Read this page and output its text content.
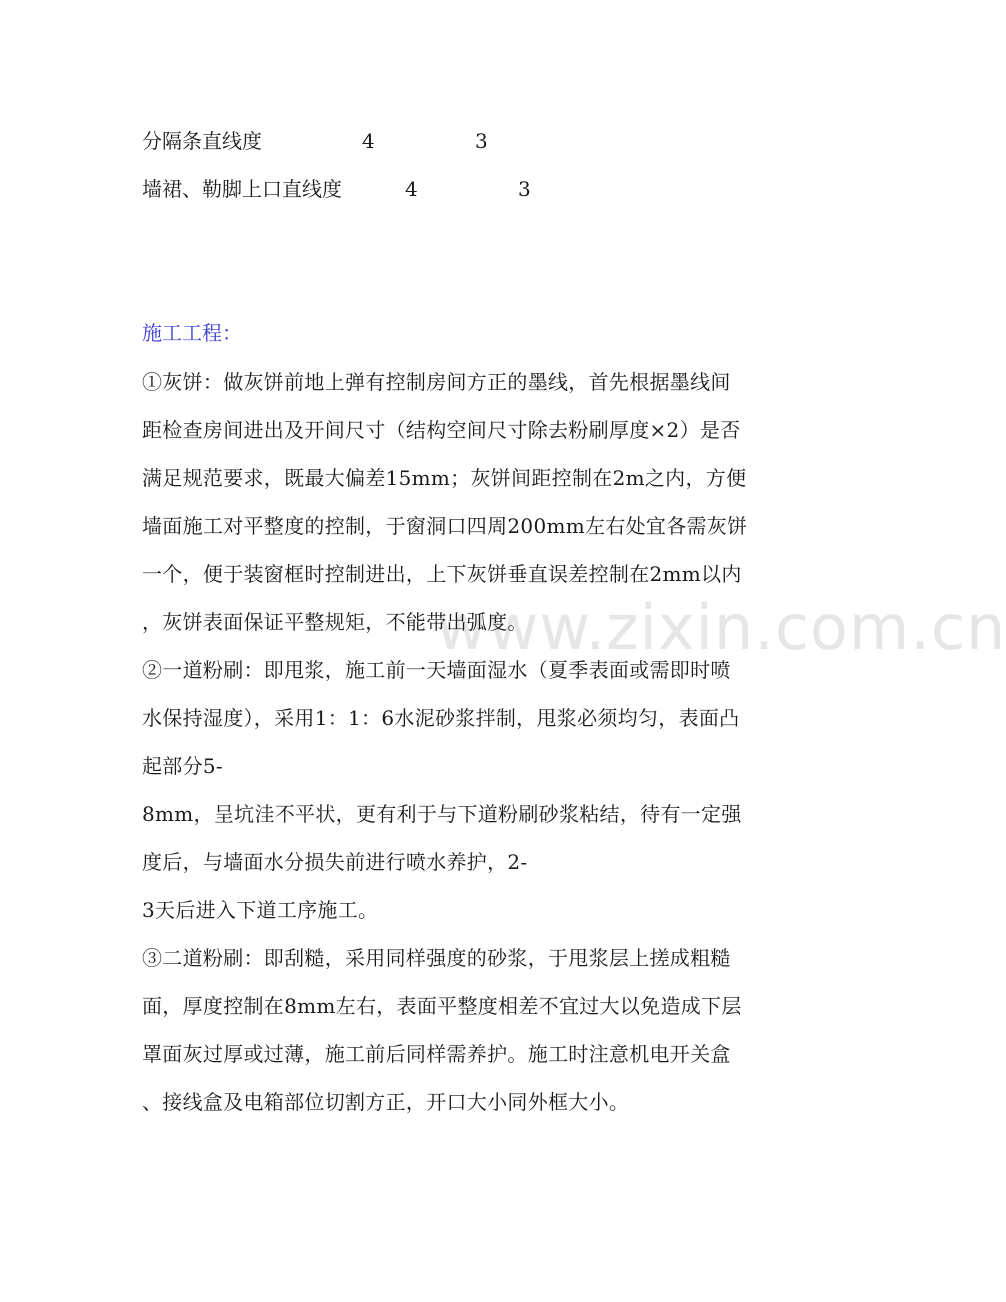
www.zixin.com.cn
分隔条直线度	4	3
墙裙、勒脚上口直线度	4	3
施工工程：
①灰饼：做灰饼前地上弹有控制房间方正的墨线，首先根据墨线间
距检查房间进出及开间尺寸（结构空间尺寸除去粉刷厚度×2）是否
满足规范要求，既最大偏差15mm；灰饼间距控制在2m之内，方便
墙面施工对平整度的控制，于窗洞口四周200mm左右处宜各需灰饼
一个，便于装窗框时控制进出，上下灰饼垂直误差控制在2mm以内
，灰饼表面保证平整规矩，不能带出弧度。
②一道粉刷：即甩浆，施工前一天墙面湿水（夏季表面或需即时喷
水保持湿度），采用1：1：6水泥砂浆拌制，甩浆必须均匀，表面凸
起部分5-
8mm，呈坑洼不平状，更有利于与下道粉刷砂浆粘结，待有一定强
度后，与墙面水分损失前进行喷水养护，2-
3天后进入下道工序施工。
③二道粉刷：即刮糙，采用同样强度的砂浆，于甩浆层上搓成粗糙
面，厚度控制在8mm左右，表面平整度相差不宜过大以免造成下层
罩面灰过厚或过薄，施工前后同样需养护。施工时注意机电开关盒
、接线盒及电箱部位切割方正，开口大小同外框大小。
